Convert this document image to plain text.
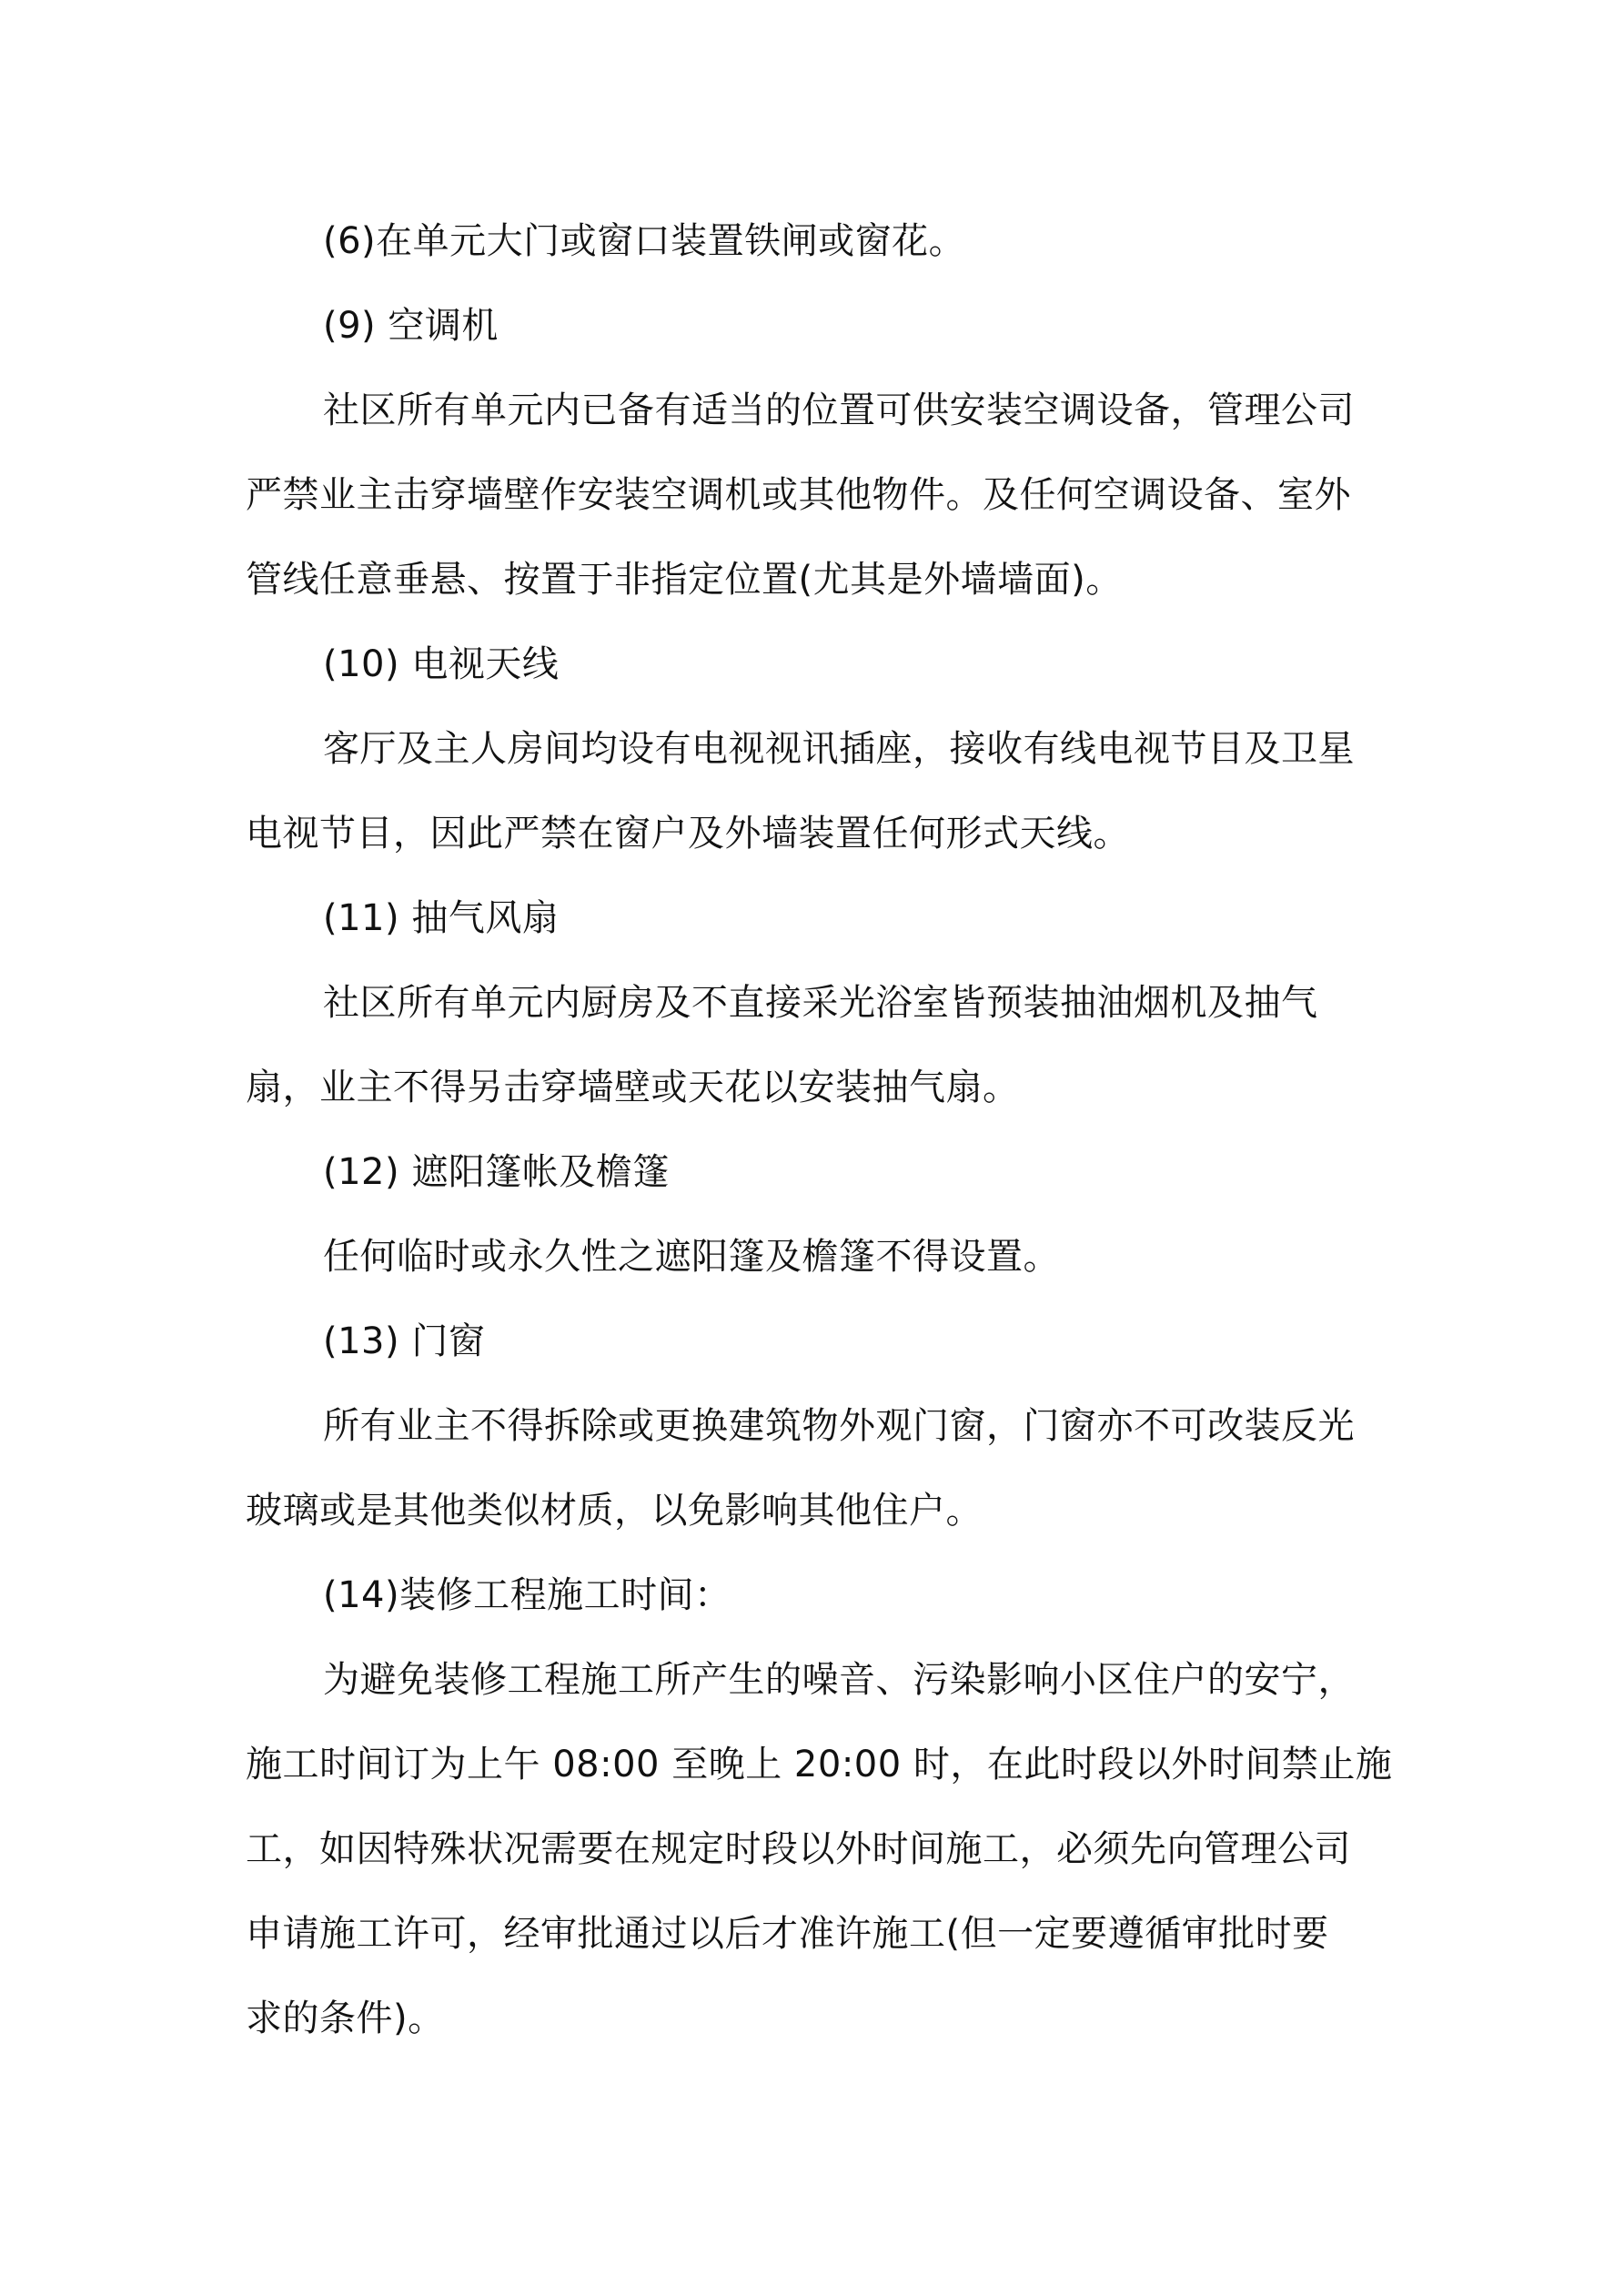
(6)在单元大门或窗口装置铁闸或窗花。
(9) 空调机
社区所有单元内已备有适当的位置可供安装空调设备，管理公司
严禁业主击穿墙壁作安装空调机或其他物件。及任何空调设备、室外
管线任意垂悬、按置于非指定位置(尤其是外墙墙面)。
(10) 电视天线
客厅及主人房间均设有电视视讯插座，接收有线电视节目及卫星
电视节目，因此严禁在窗户及外墙装置任何形式天线。
(11) 抽气风扇
社区所有单元内厨房及不直接采光浴室皆预装抽油烟机及抽气
扇，业主不得另击穿墙壁或天花以安装抽气扇。
(12) 遮阳篷帐及檐篷
任何临时或永久性之遮阳篷及檐篷不得设置。
(13) 门窗
所有业主不得拆除或更换建筑物外观门窗，门窗亦不可改装反光
玻璃或是其他类似材质，以免影响其他住户。
(14)装修工程施工时间：
为避免装修工程施工所产生的噪音、污染影响小区住户的安宁，
施工时间订为上午 08:00 至晚上 20:00 时，在此时段以外时间禁止施
工，如因特殊状况需要在规定时段以外时间施工，必须先向管理公司
申请施工许可，经审批通过以后才准许施工(但一定要遵循审批时要
求的条件)。
